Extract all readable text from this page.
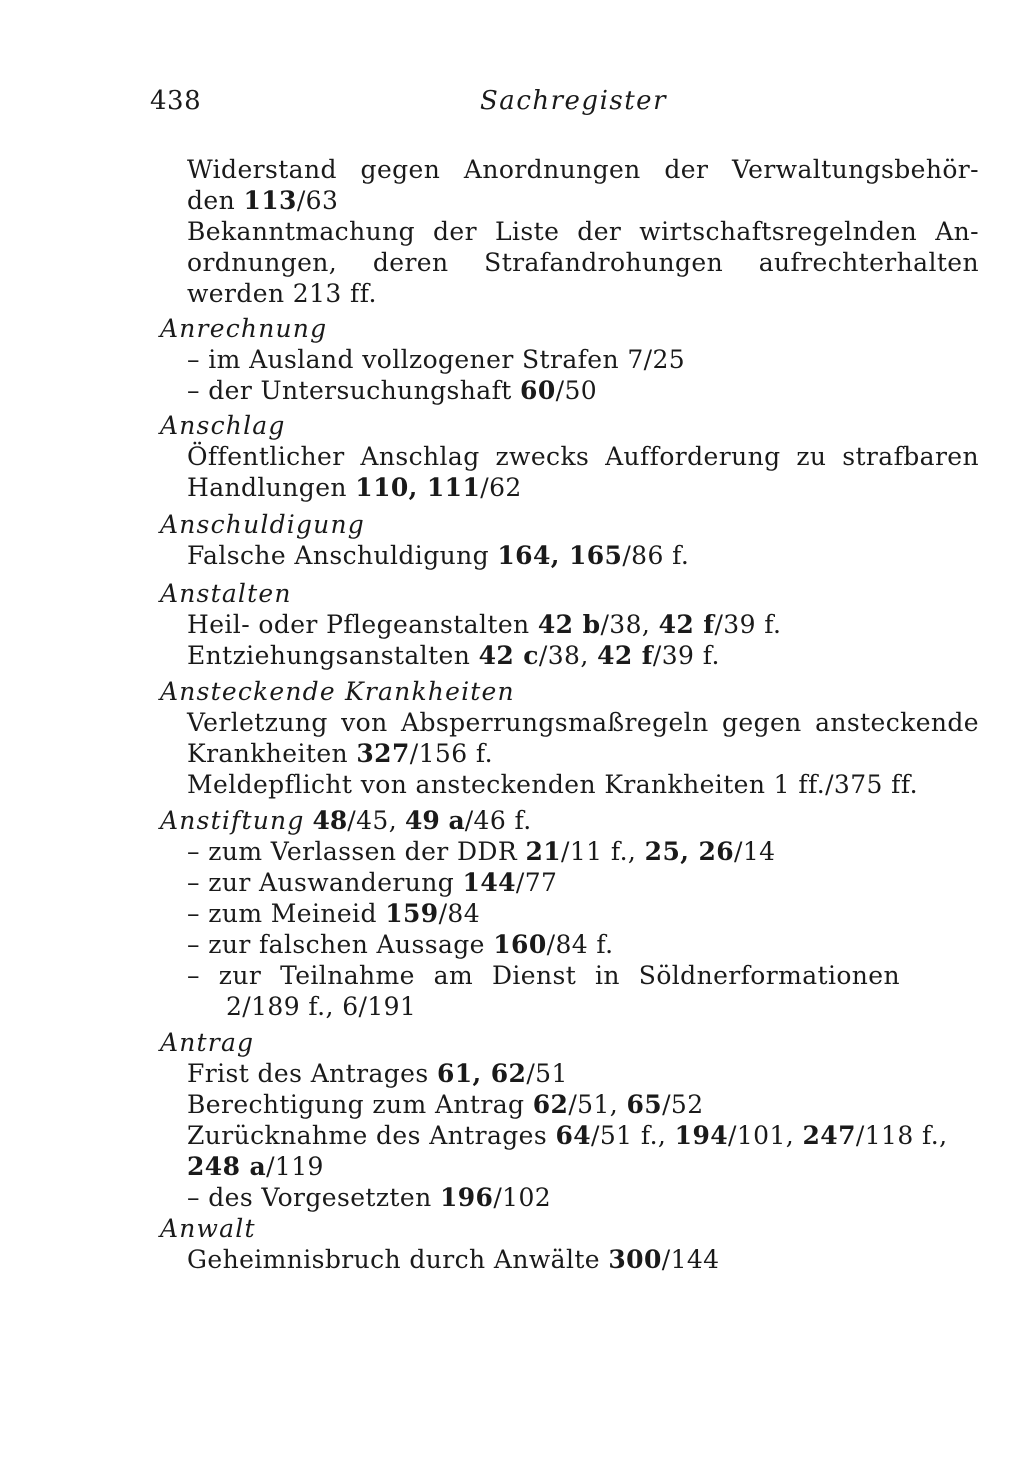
438	Sachregister
Widerstand gegen Anordnungen der Verwaltungsbehör-
den 113/63
Bekanntmachung der Liste der wirtschaftsregelnden An-
ordnungen, deren Strafandrohungen aufrechterhalten
werden 213 ff.
Anrechnung
– im Ausland vollzogener Strafen 7/25
– der Untersuchungshaft 60/50
Anschlag
Öffentlicher Anschlag zwecks Aufforderung zu strafbaren
Handlungen 110, 111/62
Anschuldigung
Falsche Anschuldigung 164, 165/86 f.
Anstalten
Heil- oder Pflegeanstalten 42 b/38, 42 f/39 f.
Entziehungsanstalten 42 c/38, 42 f/39 f.
Ansteckende Krankheiten
Verletzung von Absperrungsmaßregeln gegen ansteckende
Krankheiten 327/156 f.
Meldepflicht von ansteckenden Krankheiten 1 ff./375 ff.
Anstiftung 48/45, 49 a/46 f.
– zum Verlassen der DDR 21/11 f., 25, 26/14
– zur Auswanderung 144/77
– zum Meineid 159/84
– zur falschen Aussage 160/84 f.
– zur Teilnahme am Dienst in Söldnerformationen
2/189 f., 6/191
Antrag
Frist des Antrages 61, 62/51
Berechtigung zum Antrag 62/51, 65/52
Zurücknahme des Antrages 64/51 f., 194/101, 247/118 f.,
248 a/119
– des Vorgesetzten 196/102
Anwalt
Geheimnisbruch durch Anwälte 300/144
